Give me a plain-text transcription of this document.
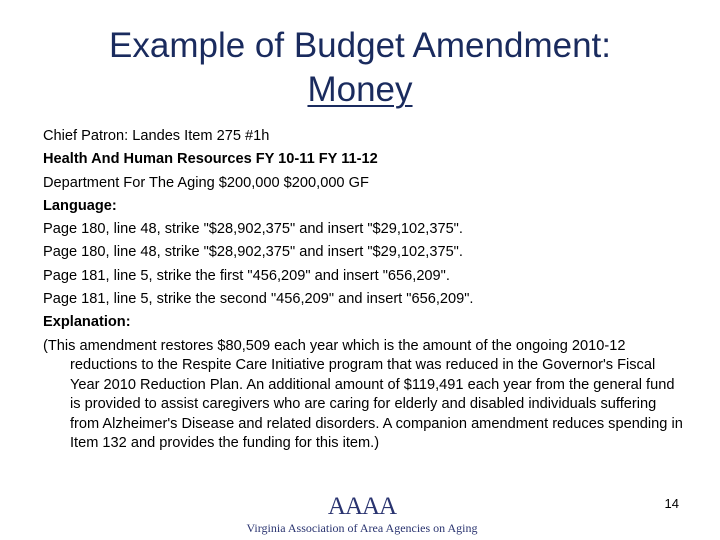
Example of Budget Amendment:
Money
Chief Patron: Landes Item 275 #1h
Health And Human Resources FY 10-11 FY 11-12
Department For The Aging $200,000 $200,000 GF
Language:
Page 180, line 48, strike "$28,902,375" and insert "$29,102,375".
Page 180, line 48, strike "$28,902,375" and insert "$29,102,375".
Page 181, line 5, strike the first "456,209" and insert "656,209".
Page 181, line 5, strike the second "456,209" and insert "656,209".
Explanation:
(This amendment restores $80,509 each year which is the amount of the ongoing 2010-12 reductions to the Respite Care Initiative program that was reduced in the Governor's Fiscal Year 2010 Reduction Plan. An additional amount of $119,491 each year from the general fund is provided to assist caregivers who are caring for elderly and disabled individuals suffering from Alzheimer's Disease and related disorders. A companion amendment reduces spending in Item 132 and provides the funding for this item.)
14
AAAA
Virginia Association of Area Agencies on Aging
